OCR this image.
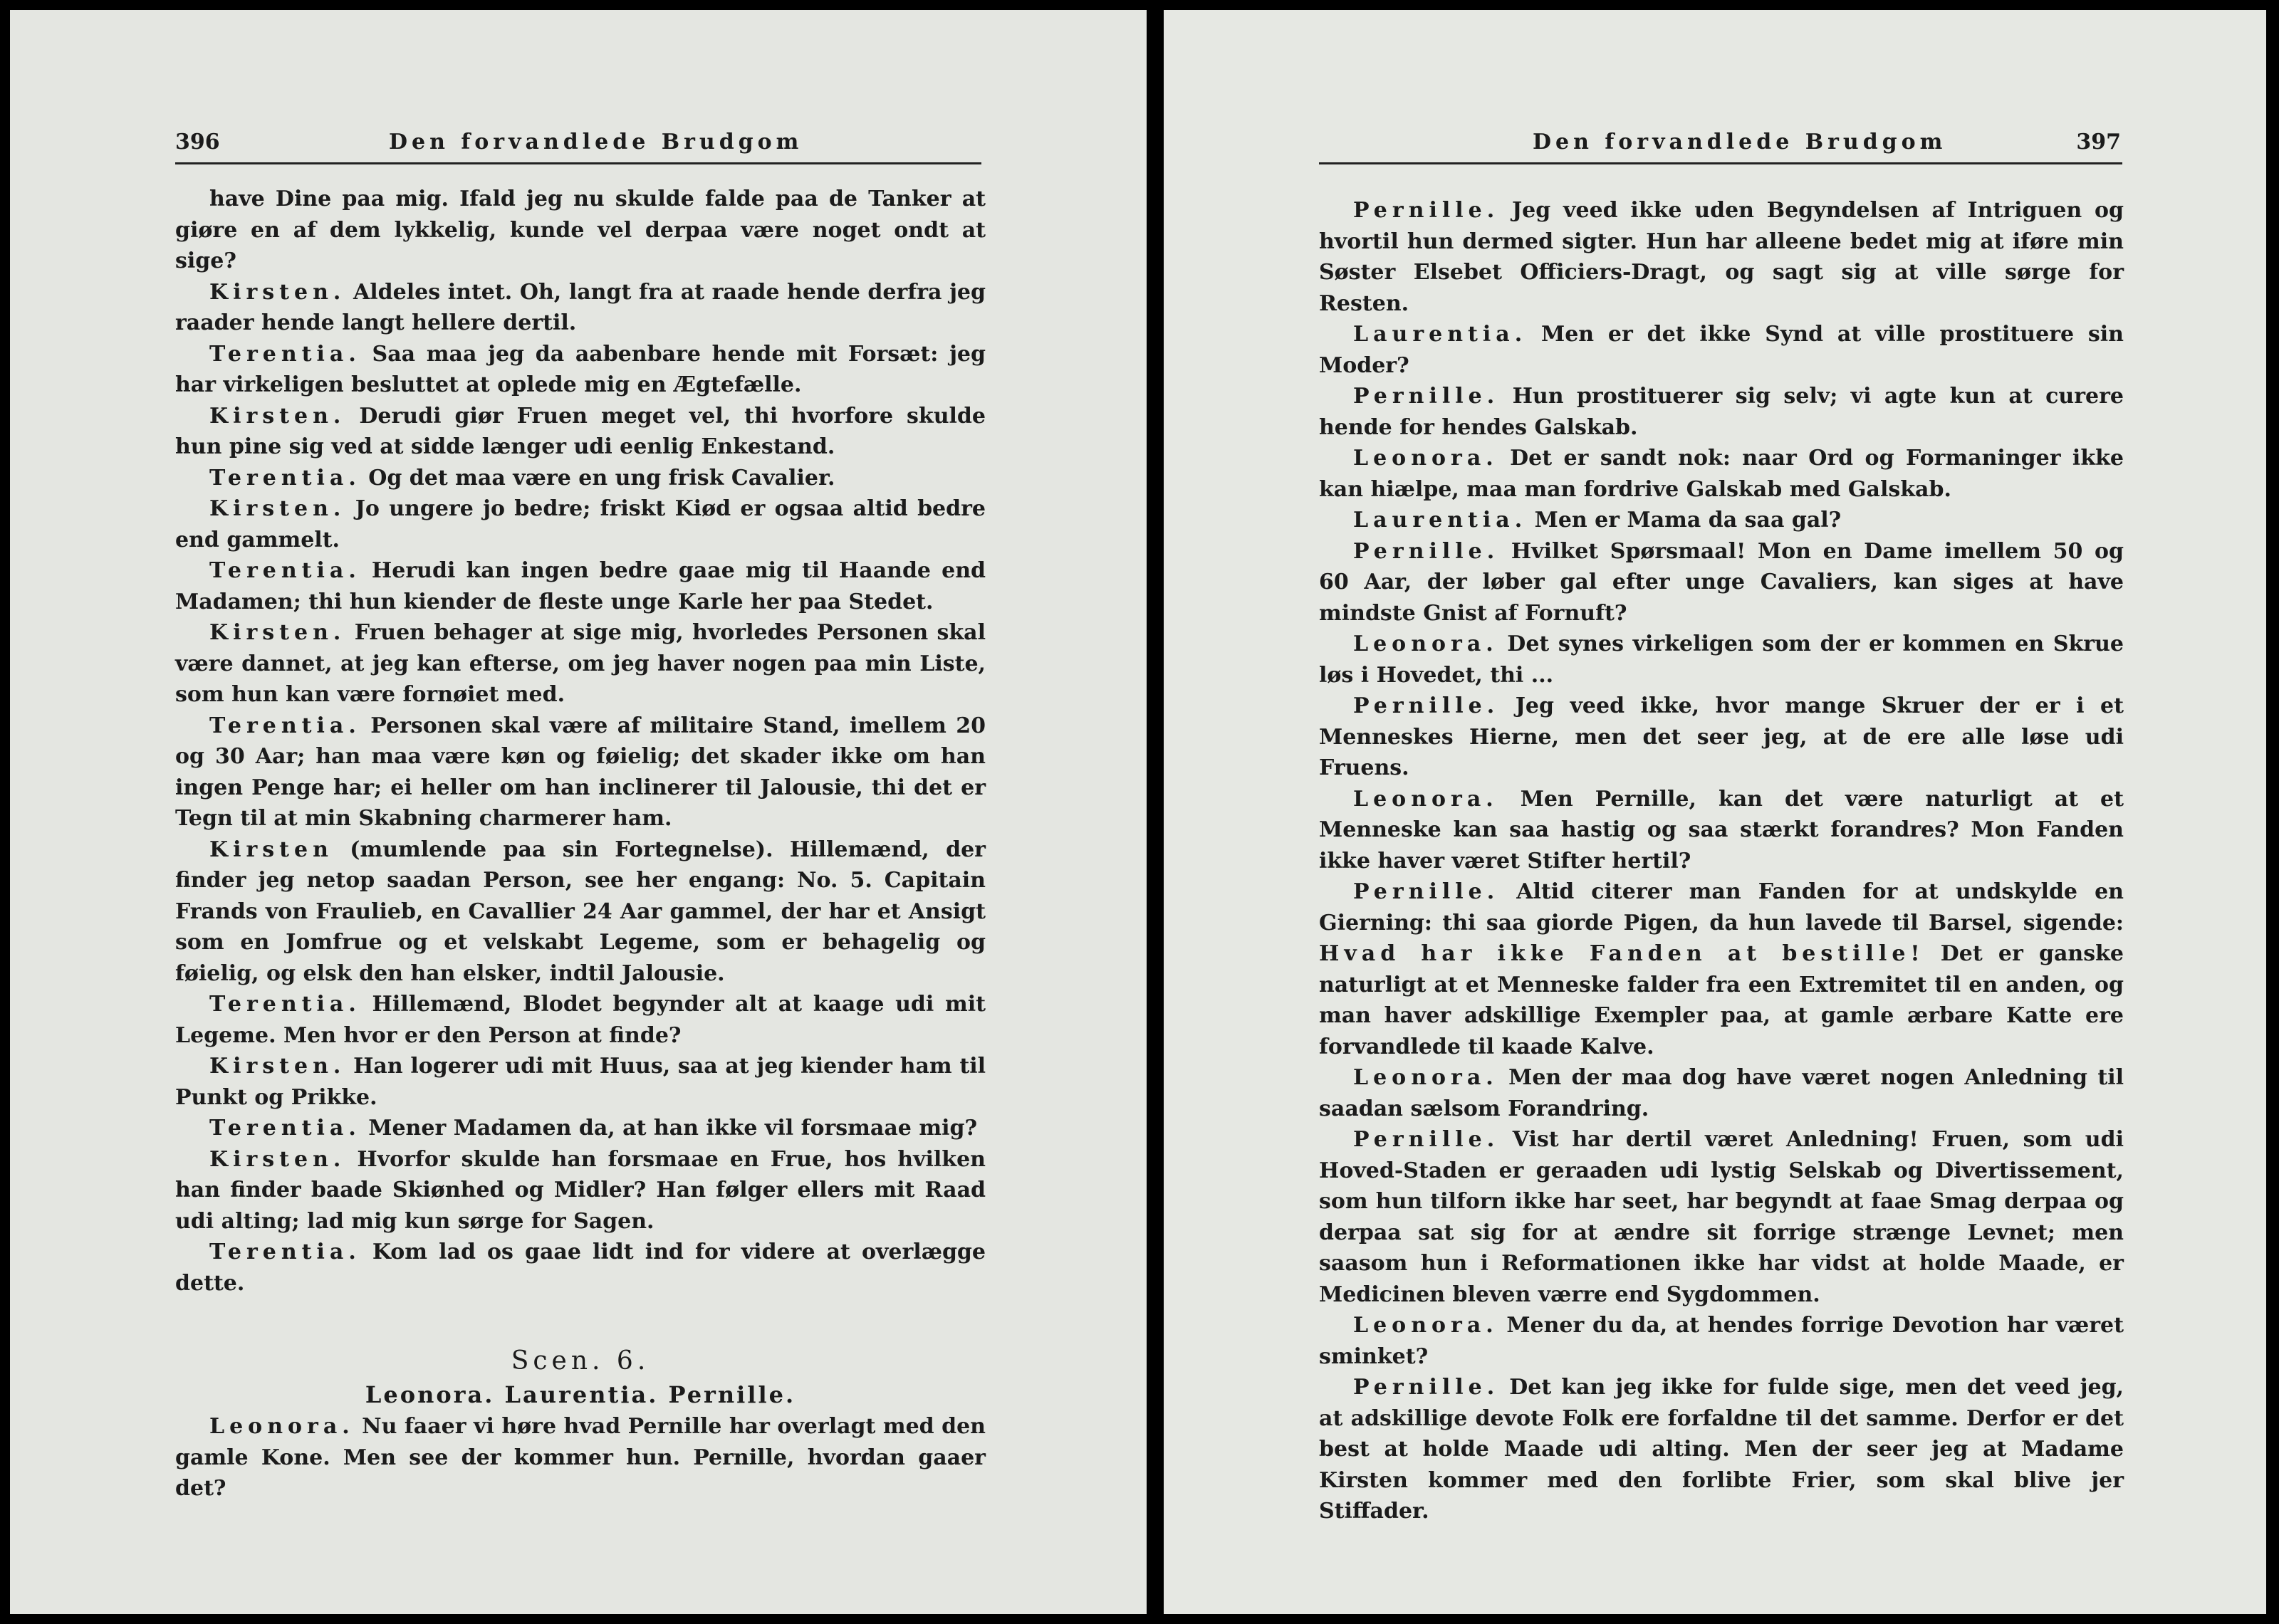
396	Den forvandlede Brudgom

have Dine paa mig. Ifald jeg nu skulde falde paa de Tanker at giøre en af dem lykkelig, kunde vel derpaa være noget ondt at sige?

Kirsten. Aldeles intet. Oh, langt fra at raade hende derfra jeg raader hende langt hellere dertil.

Terentia. Saa maa jeg da aabenbare hende mit Forsæt: jeg har virkeligen besluttet at oplede mig en Ægtefælle.

Kirsten. Derudi giør Fruen meget vel, thi hvorfore skulde hun pine sig ved at sidde længer udi eenlig Enkestand.

Terentia. Og det maa være en ung frisk Cavalier.

Kirsten. Jo ungere jo bedre; friskt Kiød er ogsaa altid bedre end gammelt.

Terentia. Herudi kan ingen bedre gaae mig til Haande end Madamen; thi hun kiender de fleste unge Karle her paa Stedet.

Kirsten. Fruen behager at sige mig, hvorledes Personen skal være dannet, at jeg kan efterse, om jeg haver nogen paa min Liste, som hun kan være fornøiet med.

Terentia. Personen skal være af militaire Stand, imellem 20 og 30 Aar; han maa være køn og føielig; det skader ikke om han ingen Penge har; ei heller om han inclinerer til Jalousie, thi det er Tegn til at min Skabning charmerer ham.

Kirsten (mumlende paa sin Fortegnelse). Hillemænd, der finder jeg netop saadan Person, see her engang: No. 5. Capitain Frands von Fraulieb, en Cavallier 24 Aar gammel, der har et Ansigt som en Jomfrue og et velskabt Legeme, som er behagelig og føielig, og elsk den han elsker, indtil Jalousie.

Terentia. Hillemænd, Blodet begynder alt at kaage udi mit Legeme. Men hvor er den Person at finde?

Kirsten. Han logerer udi mit Huus, saa at jeg kiender ham til Punkt og Prikke.

Terentia. Mener Madamen da, at han ikke vil forsmaae mig?

Kirsten. Hvorfor skulde han forsmaae en Frue, hos hvilken han finder baade Skiønhed og Midler? Han følger ellers mit Raad udi alting; lad mig kun sørge for Sagen.

Terentia. Kom lad os gaae lidt ind for videre at overlægge dette.

Scen. 6.
Leonora. Laurentia. Pernille.

Leonora. Nu faaer vi høre hvad Pernille har overlagt med den gamle Kone. Men see der kommer hun. Pernille, hvordan gaaer det?

Den forvandlede Brudgom	397

Pernille. Jeg veed ikke uden Begyndelsen af Intriguen og hvortil hun dermed sigter. Hun har alleene bedet mig at iføre min Søster Elsebet Officiers-Dragt, og sagt sig at ville sørge for Resten.

Laurentia. Men er det ikke Synd at ville prostituere sin Moder?

Pernille. Hun prostituerer sig selv; vi agte kun at curere hende for hendes Galskab.

Leonora. Det er sandt nok: naar Ord og Formaninger ikke kan hiælpe, maa man fordrive Galskab med Galskab.

Laurentia. Men er Mama da saa gal?

Pernille. Hvilket Spørsmaal! Mon en Dame imellem 50 og 60 Aar, der løber gal efter unge Cavaliers, kan siges at have mindste Gnist af Fornuft?

Leonora. Det synes virkeligen som der er kommen en Skrue løs i Hovedet, thi ...

Pernille. Jeg veed ikke, hvor mange Skruer der er i et Menneskes Hierne, men det seer jeg, at de ere alle løse udi Fruens.

Leonora. Men Pernille, kan det være naturligt at et Menneske kan saa hastig og saa stærkt forandres? Mon Fanden ikke haver været Stifter hertil?

Pernille. Altid citerer man Fanden for at undskylde en Gierning: thi saa giorde Pigen, da hun lavede til Barsel, sigende: Hvad har ikke Fanden at bestille! Det er ganske naturligt at et Menneske falder fra een Extremitet til en anden, og man haver adskillige Exempler paa, at gamle ærbare Katte ere forvandlede til kaade Kalve.

Leonora. Men der maa dog have været nogen Anledning til saadan sælsom Forandring.

Pernille. Vist har dertil været Anledning! Fruen, som udi Hoved-Staden er geraaden udi lystig Selskab og Divertissement, som hun tilforn ikke har seet, har begyndt at faae Smag derpaa og derpaa sat sig for at ændre sit forrige strænge Levnet; men saasom hun i Reformationen ikke har vidst at holde Maade, er Medicinen bleven værre end Sygdommen.

Leonora. Mener du da, at hendes forrige Devotion har været sminket?

Pernille. Det kan jeg ikke for fulde sige, men det veed jeg, at adskillige devote Folk ere forfaldne til det samme. Derfor er det best at holde Maade udi alting. Men der seer jeg at Madame Kirsten kommer med den forlibte Frier, som skal blive jer Stiffader.
